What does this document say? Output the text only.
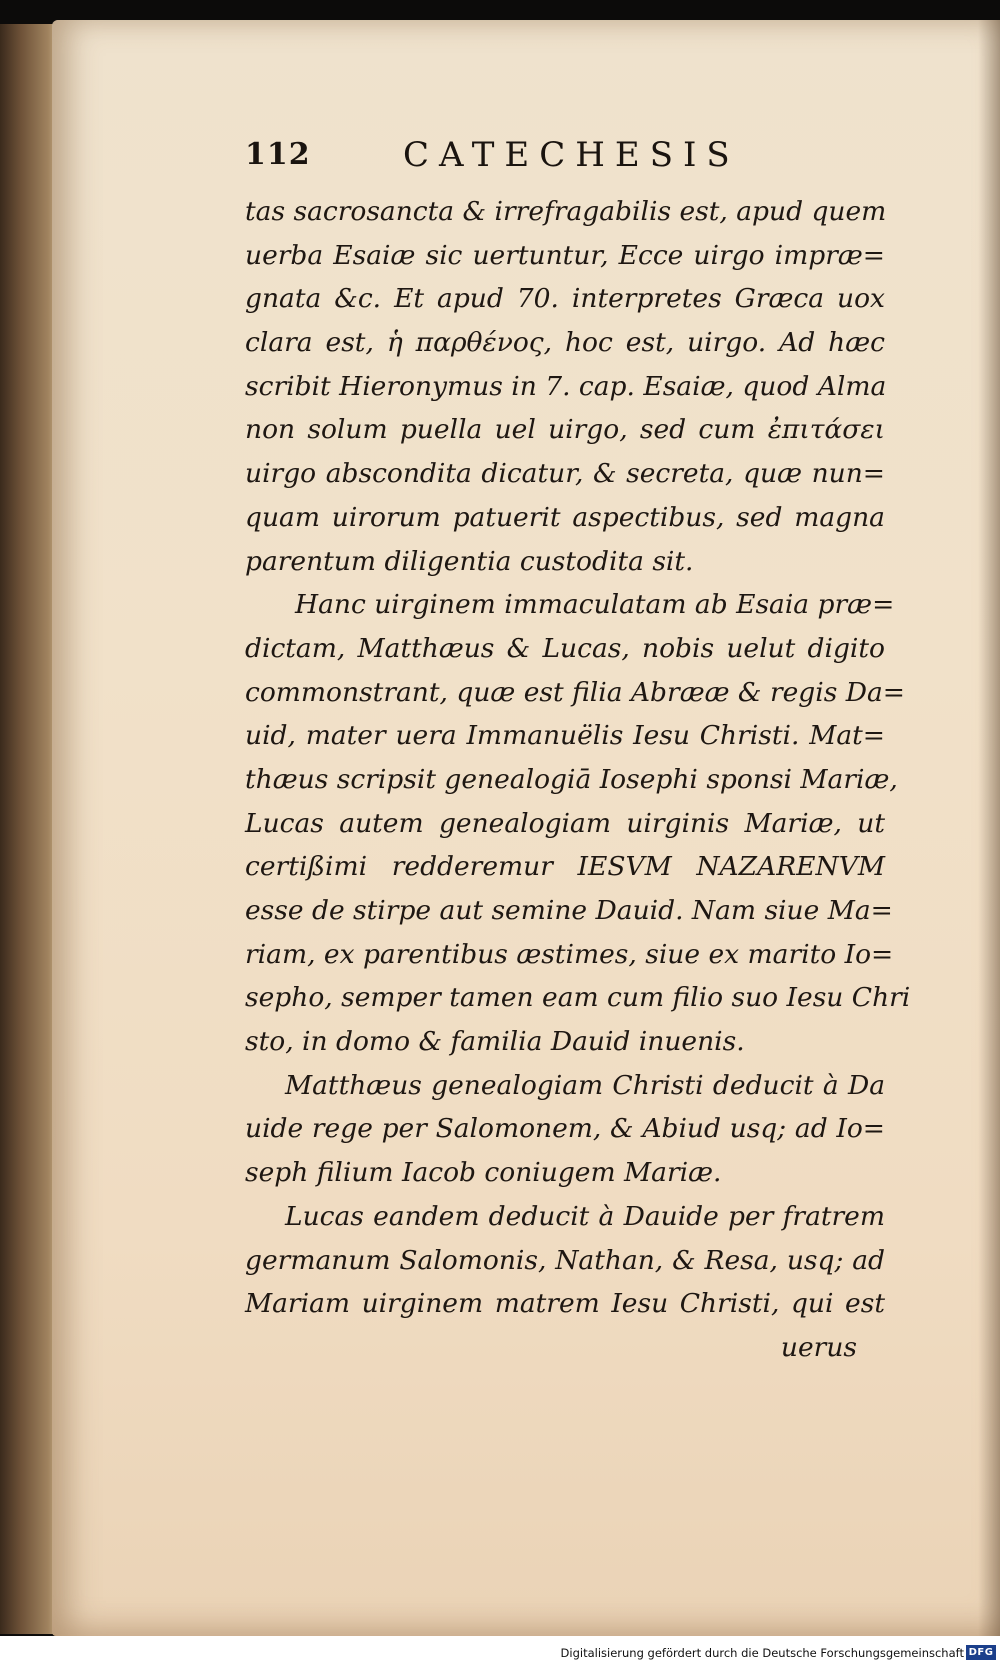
112	CATECHESIS
tas sacrosancta & irrefragabilis est, apud quem
uerba Esaiæ sic uertuntur, Ecce uirgo impræ=
gnata &c. Et apud 70. interpretes Græca uox
clara est, ἡ παρθένος, hoc est, uirgo. Ad hæc
scribit Hieronymus in 7. cap. Esaiæ, quod Alma
non solum puella uel uirgo, sed cum ἐπιτάσει
uirgo abscondita dicatur, & secreta, quæ nun=
quam uirorum patuerit aspectibus, sed magna
parentum diligentia custodita sit.
Hanc uirginem immaculatam ab Esaia præ=
dictam, Matthæus & Lucas, nobis uelut digito
commonstrant, quæ est filia Abrææ & regis Da=
uid, mater uera Immanuëlis Iesu Christi. Mat=
thæus scripsit genealogiā Iosephi sponsi Mariæ,
Lucas autem genealogiam uirginis Mariæ, ut
certißimi redderemur IESVM NAZARENVM
esse de stirpe aut semine Dauid. Nam siue Ma=
riam, ex parentibus æstimes, siue ex marito Io=
sepho, semper tamen eam cum filio suo Iesu Chri
sto, in domo & familia Dauid inuenis.
Matthæus genealogiam Christi deducit à Da
uide rege per Salomonem, & Abiud usq; ad Io=
seph filium Iacob coniugem Mariæ.
Lucas eandem deducit à Dauide per fratrem
germanum Salomonis, Nathan, & Resa, usq; ad
Mariam uirginem matrem Iesu Christi, qui est
uerus
Digitalisierung gefördert durch die Deutsche Forschungsgemeinschaft DFG
